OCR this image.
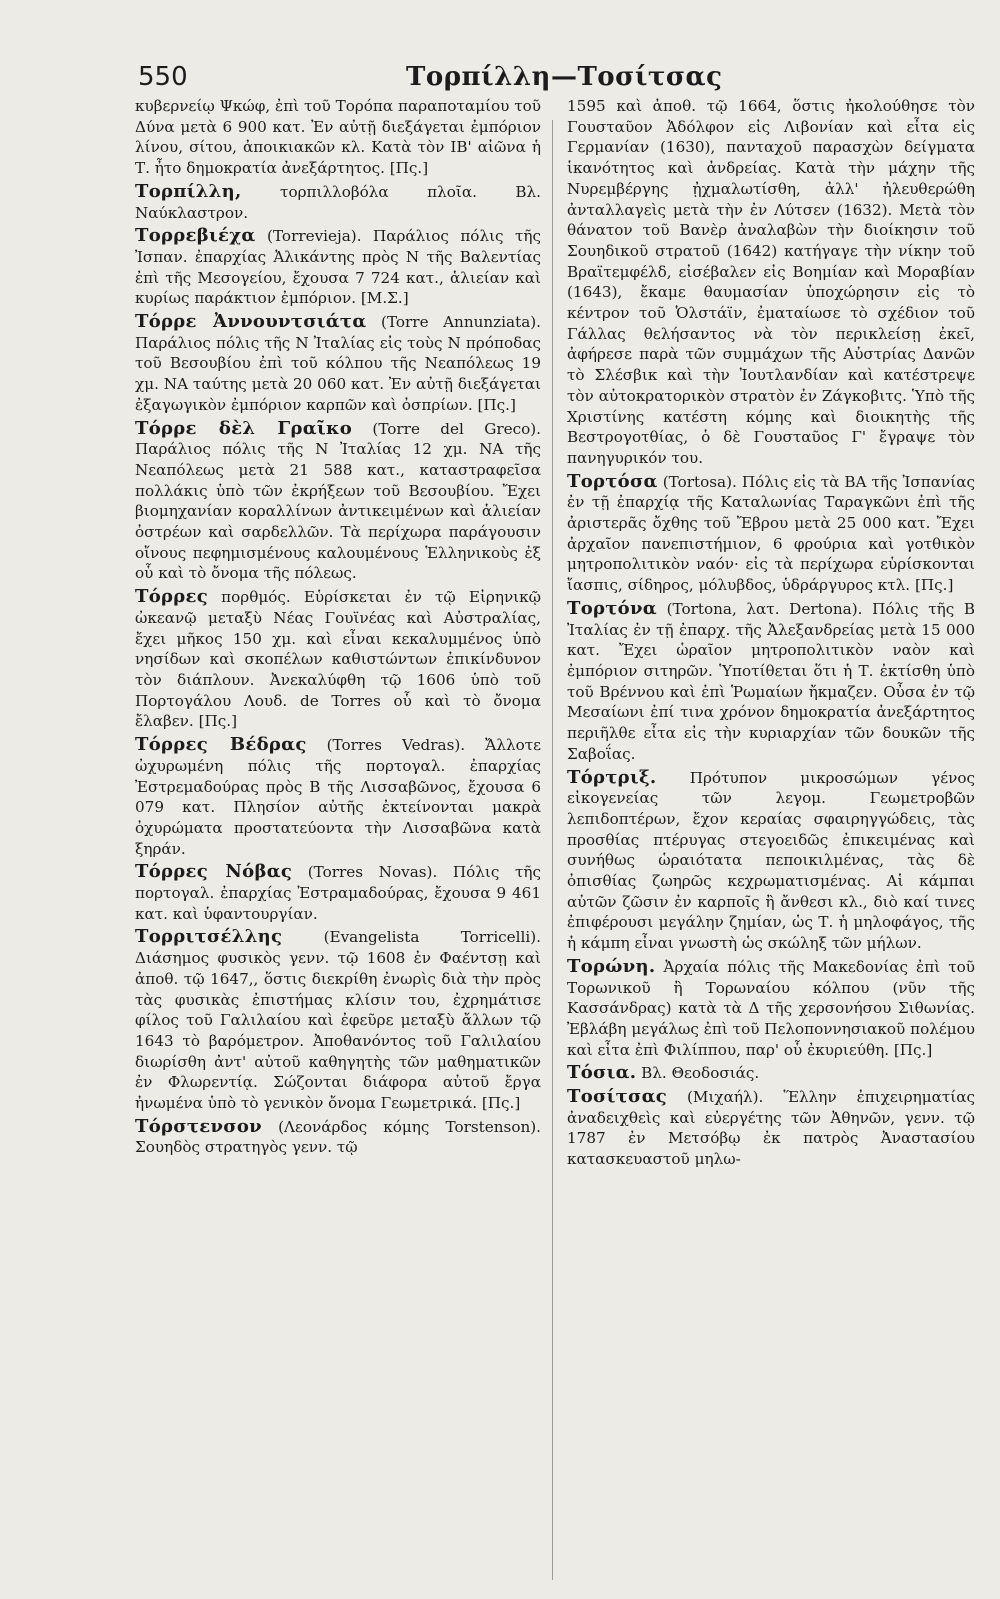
550	Τορπίλλη—Τοσίτσας

κυβερνείῳ Ψκώφ, ἐπὶ τοῦ Τορόπα παραποταμίου τοῦ Δύνα μετὰ 6 900 κατ. Ἐν αὐτῇ διεξάγεται ἐμπόριον λίνου, σίτου, ἀποικιακῶν κλ. Κατὰ τὸν ΙΒ' αἰῶνα ἡ Τ. ἦτο δημοκρατία ἀνεξάρτητος. [Πς.]

Τορπίλλη,	τορπιλλοβόλα πλοῖα. Βλ. Ναύκλαστρον.

Τορρεβιέχα (Torrevieja). Παράλιος πόλις τῆς Ἰσπαν. ἐπαρχίας Ἀλικάντης πρὸς Ν τῆς Βαλεντίας ἐπὶ τῆς Μεσογείου, ἔχουσα 7 724 κατ., ἁλιείαν καὶ κυρίως παράκτιον ἐμπόριον. [Μ.Σ.]

Τόρρε Ἀννουντσιάτα (Torre Annunziata). Παράλιος πόλις τῆς Ν Ἰταλίας εἰς τοὺς Ν πρόποδας τοῦ Βεσουβίου ἐπὶ τοῦ κόλπου τῆς Νεαπόλεως 19 χμ. ΝΑ ταύτης μετὰ 20 060 κατ. Ἐν αὐτῇ διεξάγεται ἐξαγωγικὸν ἐμπόριον καρπῶν καὶ ὀσπρίων. [Πς.]

Τόρρε δὲλ Γραῖκο (Torre del Greco). Παράλιος πόλις τῆς Ν Ἰταλίας 12 χμ. ΝΑ τῆς Νεαπόλεως μετὰ 21 588 κατ., καταστραφεῖσα πολλάκις ὑπὸ τῶν ἐκρήξεων τοῦ Βεσουβίου. Ἔχει βιομηχανίαν κοραλλίνων ἀντικειμένων καὶ ἁλιείαν ὀστρέων καὶ σαρδελλῶν. Τὰ περίχωρα παράγουσιν οἴνους πεφημισμένους καλουμένους Ἑλληνικοὺς ἐξ οὗ καὶ τὸ ὄνομα τῆς πόλεως.

Τόρρες πορθμός. Εὑρίσκεται ἐν τῷ Εἰρηνικῷ ὠκεανῷ μεταξὺ Νέας Γουϊνέας καὶ Αὐστραλίας, ἔχει μῆκος 150 χμ. καὶ εἶναι κεκαλυμμένος ὑπὸ νησίδων καὶ σκοπέλων καθιστώντων ἐπικίνδυνον τὸν διάπλουν. Ἀνεκαλύφθη τῷ 1606 ὑπὸ τοῦ Πορτογάλου Λουδ. de Torres οὗ καὶ τὸ ὄνομα ἔλαβεν. [Πς.]

Τόρρες Βέδρας (Torres Vedras). Ἄλλοτε ὠχυρωμένη πόλις τῆς πορτογαλ. ἐπαρχίας Ἐστρεμαδούρας πρὸς Β τῆς Λισσαβῶνος, ἔχουσα 6 079 κατ. Πλησίον αὐτῆς ἐκτείνονται μακρὰ ὀχυρώματα προστατεύοντα τὴν Λισσαβῶνα κατὰ ξηράν.

Τόρρες Νόβας (Torres Novas). Πόλις τῆς πορτογαλ. ἐπαρχίας Ἐστραμαδούρας, ἔχουσα 9 461 κατ. καὶ ὑφαντουργίαν.

Τορριτσέλλης	(Evangelista Torricelli). Διάσημος φυσικὸς γενν. τῷ 1608 ἐν Φαέντσῃ καὶ ἀποθ. τῷ 1647,, ὅστις διεκρίθη ἐνωρὶς διὰ τὴν πρὸς τὰς φυσικὰς ἐπιστήμας κλίσιν του, ἐχρημάτισε φίλος τοῦ Γαλιλαίου καὶ ἐφεῦρε μεταξὺ ἄλλων τῷ 1643 τὸ βαρόμετρον. Ἀποθανόντος τοῦ Γαλιλαίου διωρίσθη ἀντ' αὐτοῦ καθηγητὴς τῶν μαθηματικῶν ἐν Φλωρεντίᾳ. Σώζονται διάφορα αὐτοῦ ἔργα ἠνωμένα ὑπὸ τὸ γενικὸν ὄνομα Γεωμετρικά. [Πς.]

Τόρστενσον (Λεονάρδος κόμης Torstenson). Σουηδὸς στρατηγὸς γενν. τῷ

1595 καὶ ἀποθ. τῷ 1664, ὅστις ἠκολούθησε τὸν Γουσταῦον Ἀδόλφον εἰς Λιβονίαν καὶ εἶτα εἰς Γερμανίαν (1630), πανταχοῦ παρασχὼν δείγματα ἱκανότητος καὶ ἀνδρείας. Κατὰ τὴν μάχην τῆς Νυρεμβέργης ᾐχμαλωτίσθη, ἀλλ' ἠλευθερώθη ἀνταλλαγεὶς μετὰ τὴν ἐν Λύτσεν (1632). Μετὰ τὸν θάνατον τοῦ Βανὲρ ἀναλαβὼν τὴν διοίκησιν τοῦ Σουηδικοῦ στρατοῦ (1642) κατήγαγε τὴν νίκην τοῦ Βραϊτεμφέλδ, εἰσέβαλεν εἰς Βοημίαν καὶ Μοραβίαν (1643), ἔκαμε θαυμασίαν ὑποχώρησιν εἰς τὸ κέντρον τοῦ Ὁλστάϊν, ἐματαίωσε τὸ σχέδιον τοῦ Γάλλας θελήσαντος νὰ τὸν περικλείσῃ ἐκεῖ, ἀφήρεσε παρὰ τῶν συμμάχων τῆς Αὐστρίας Δανῶν τὸ Σλέσβικ καὶ τὴν Ἰουτλανδίαν καὶ κατέστρεψε τὸν αὐτοκρατορικὸν στρατὸν ἐν Ζάγκοβιτς. Ὑπὸ τῆς Χριστίνης κατέστη κόμης καὶ διοικητὴς τῆς Βεστρογοτθίας, ὁ δὲ Γουσταῦος Γ' ἔγραψε τὸν πανηγυρικόν του.

Τορτόσα (Tortosa). Πόλις εἰς τὰ ΒΑ τῆς Ἰσπανίας ἐν τῇ ἐπαρχίᾳ τῆς Καταλωνίας Ταραγκῶνι ἐπὶ τῆς ἀριστερᾶς ὄχθης τοῦ Ἔβρου μετὰ 25 000 κατ. Ἔχει ἀρχαῖον πανεπιστήμιον, 6 φρούρια καὶ γοτθικὸν μητροπολιτικὸν ναόν· εἰς τὰ περίχωρα εὑρίσκονται ἴασπις, σίδηρος, μόλυβδος, ὑδράργυρος κτλ. [Πς.]

Τορτόνα (Tortona, λατ. Dertona). Πόλις τῆς Β Ἰταλίας ἐν τῇ ἐπαρχ. τῆς Ἀλεξανδρείας μετὰ 15 000 κατ. Ἔχει ὡραῖον μητροπολιτικὸν ναὸν καὶ ἐμπόριον σιτηρῶν. Ὑποτίθεται ὅτι ἡ Τ. ἐκτίσθη ὑπὸ τοῦ Βρέννου καὶ ἐπὶ Ῥωμαίων ἤκμαζεν. Οὖσα ἐν τῷ Μεσαίωνι ἐπί τινα χρόνον δημοκρατία ἀνεξάρτητος περιῆλθε εἶτα εἰς τὴν κυριαρχίαν τῶν δουκῶν τῆς Σαβοΐας.

Τόρτριξ. Πρότυπον μικροσώμων γένος εἰκογενείας τῶν λεγομ. Γεωμετροβῶν λεπιδοπτέρων, ἔχον κεραίας σφαιρηγγώδεις, τὰς προσθίας πτέρυγας στεγοειδῶς ἐπικειμένας καὶ συνήθως ὡραιότατα πεποικιλμένας, τὰς δὲ ὀπισθίας ζωηρῶς κεχρωματισμένας. Αἱ κάμπαι αὐτῶν ζῶσιν ἐν καρποῖς ἢ ἄνθεσι κλ., διὸ καί τινες ἐπιφέρουσι μεγάλην ζημίαν, ὡς Τ. ἡ μηλοφάγος, τῆς ἡ κάμπη εἶναι γνωστὴ ὡς σκώληξ τῶν μήλων.

Τορώνη. Ἀρχαία πόλις τῆς Μακεδονίας ἐπὶ τοῦ Τορωνικοῦ ἢ Τορωναίου κόλπου (νῦν τῆς Κασσάνδρας) κατὰ τὰ Δ τῆς χερσονήσου Σιθωνίας. Ἐβλάβη μεγάλως ἐπὶ τοῦ Πελοποννησιακοῦ πολέμου καὶ εἶτα ἐπὶ Φιλίππου, παρ' οὗ ἐκυριεύθη. [Πς.]

Τόσια. Βλ. Θεοδοσιάς.

Τοσίτσας (Μιχαήλ). Ἕλλην ἐπιχειρηματίας ἀναδειχθεὶς καὶ εὐεργέτης τῶν Ἀθηνῶν, γενν. τῷ 1787 ἐν Μετσόβῳ ἐκ πατρὸς Ἀναστασίου κατασκευαστοῦ μηλω-
